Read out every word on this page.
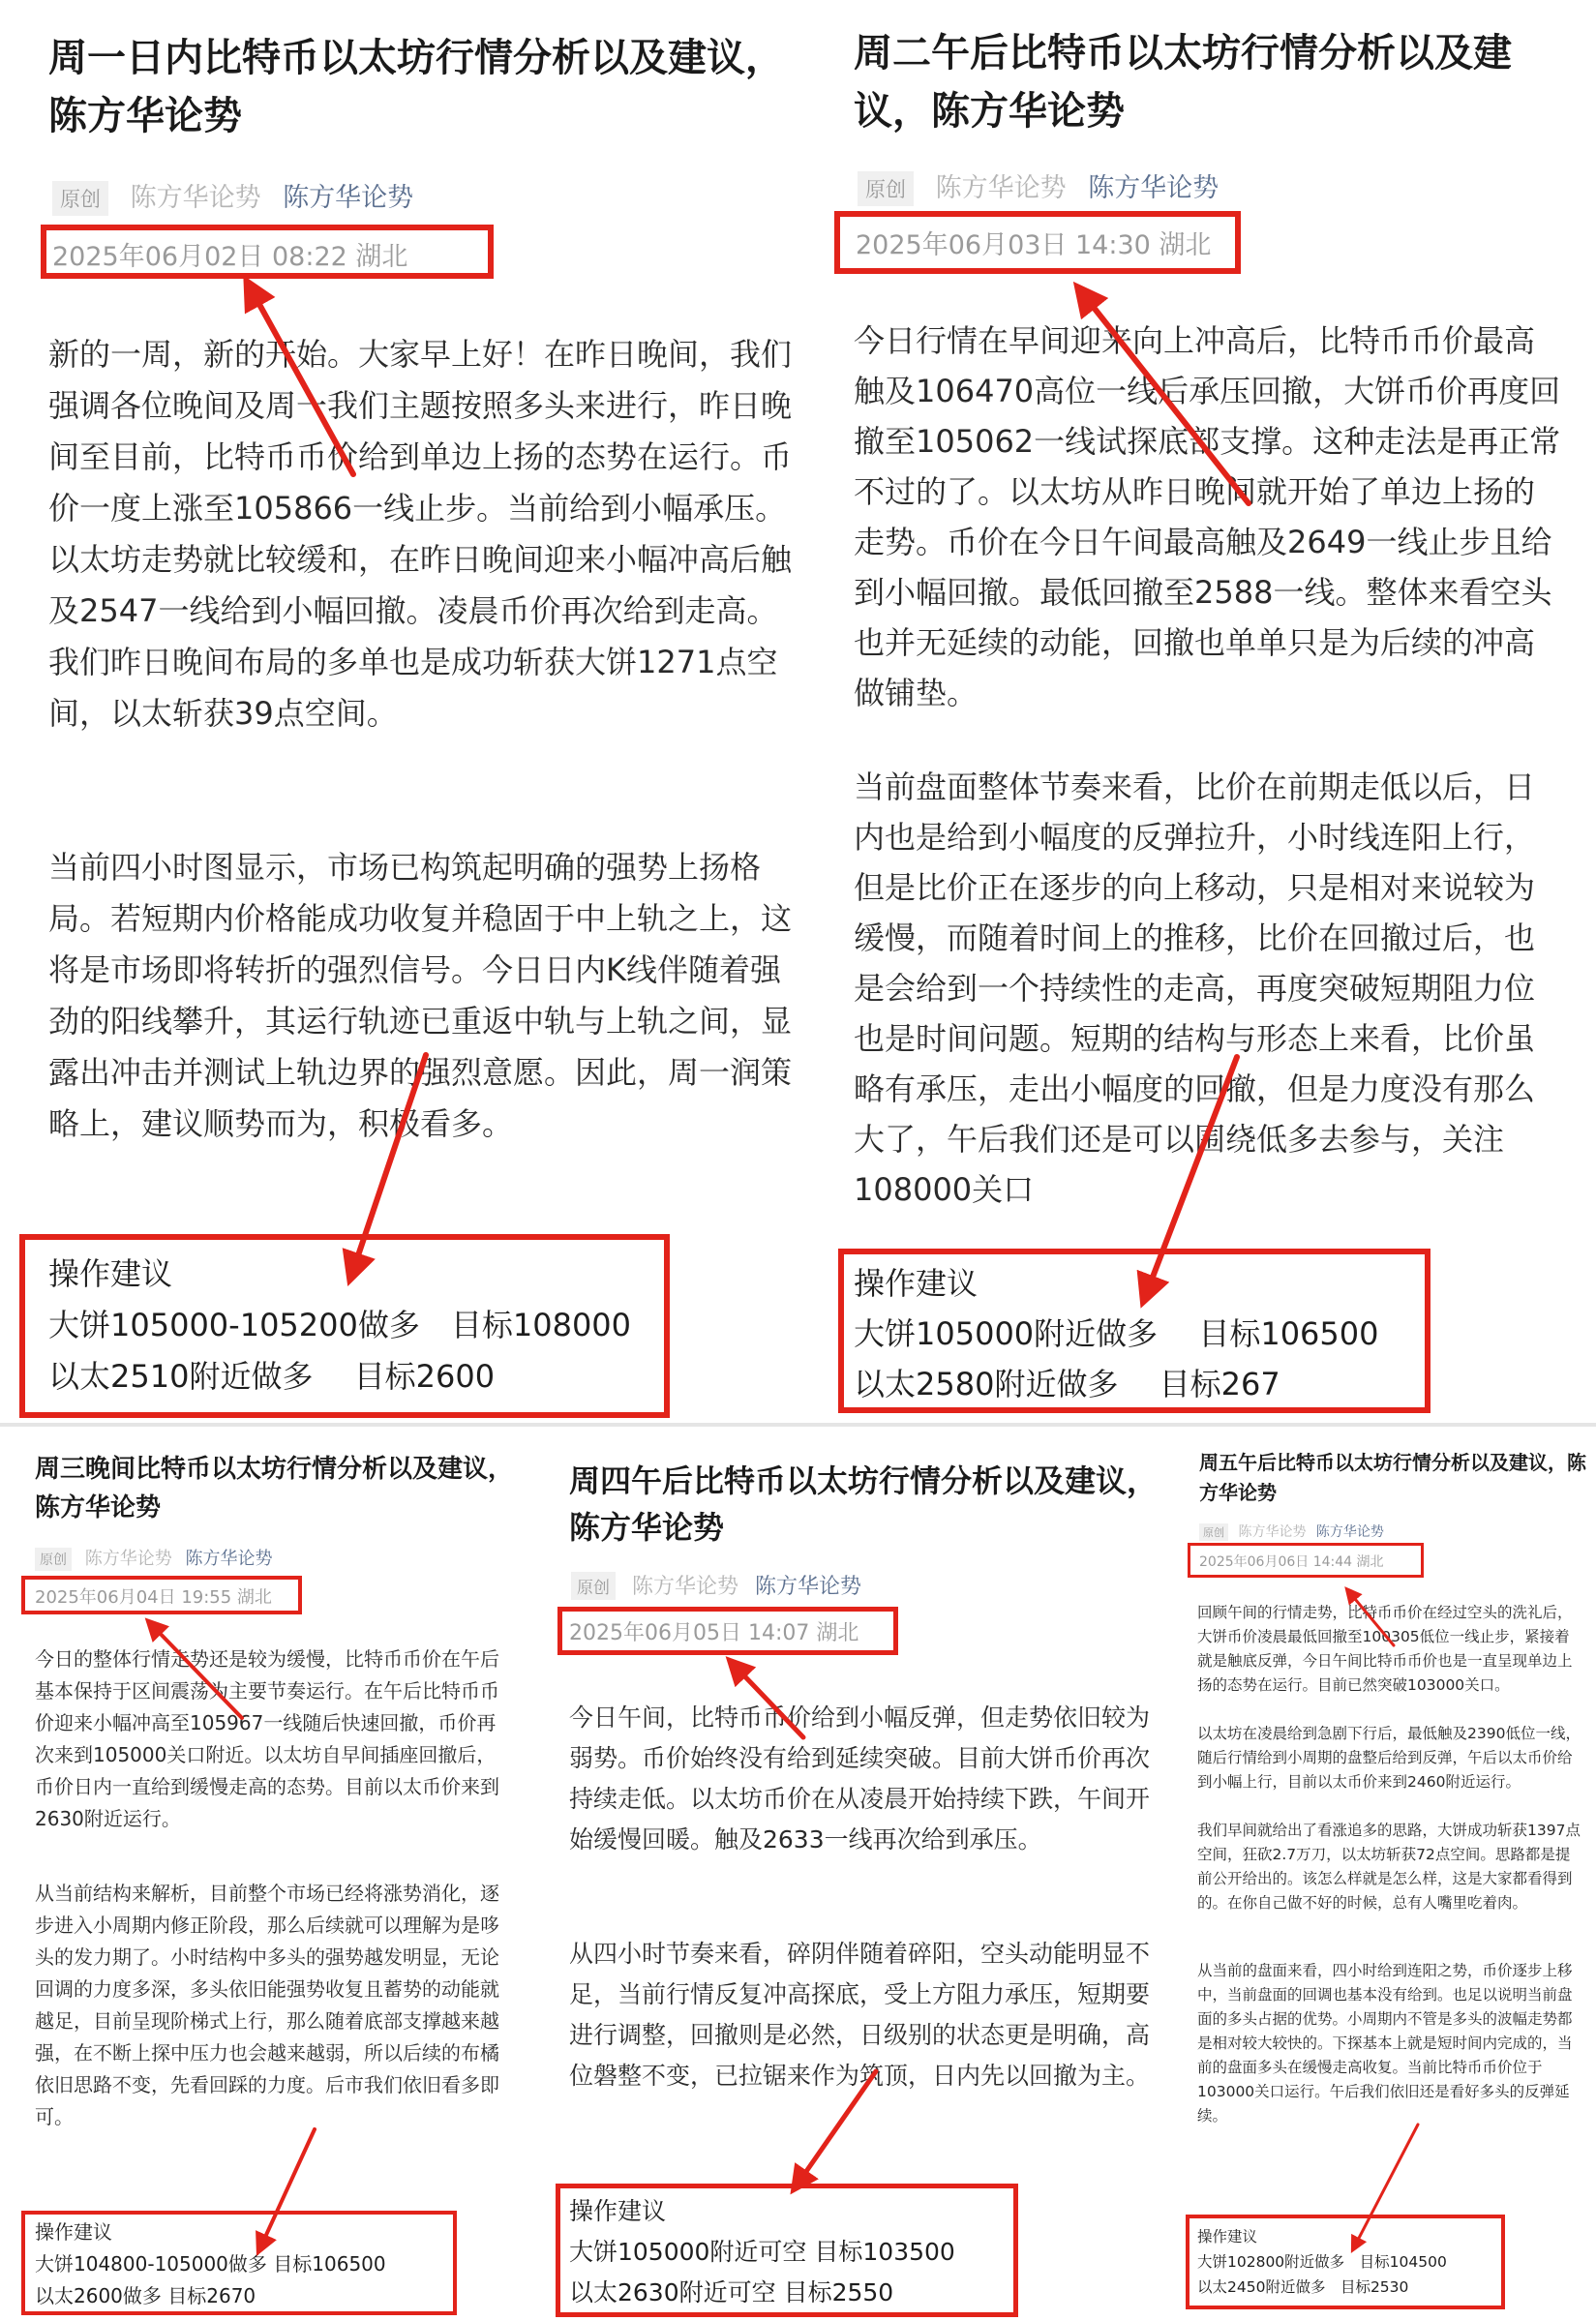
周一日内比特币以太坊行情分析以及建议，陈方华论势
原创 陈方华论势 陈方华论势
2025年06月02日 08:22 湖北
新的一周，新的开始。大家早上好！在昨日晚间，我们强调各位晚间及周一我们主题按照多头来进行，昨日晚间至目前，比特币币价给到单边上扬的态势在运行。币价一度上涨至105866一线止步。当前给到小幅承压。以太坊走势就比较缓和，在昨日晚间迎来小幅冲高后触及2547一线给到小幅回撤。凌晨币价再次给到走高。我们昨日晚间布局的多单也是成功斩获大饼1271点空间，以太斩获39点空间。
当前四小时图显示，市场已构筑起明确的强势上扬格局。若短期内价格能成功收复并稳固于中上轨之上，这将是市场即将转折的强烈信号。今日日内K线伴随着强劲的阳线攀升，其运行轨迹已重返中轨与上轨之间，显露出冲击并测试上轨边界的强烈意愿。因此，周一润策略上，建议顺势而为，积极看多。
操作建议
大饼105000-105200做多　目标108000
以太2510附近做多　 目标2600
周二午后比特币以太坊行情分析以及建议，陈方华论势
原创 陈方华论势 陈方华论势
2025年06月03日 14:30 湖北
今日行情在早间迎来向上冲高后，比特币币价最高触及106470高位一线后承压回撤，大饼币价再度回撤至105062一线试探底部支撑。这种走法是再正常不过的了。以太坊从昨日晚间就开始了单边上扬的走势。币价在今日午间最高触及2649一线止步且给到小幅回撤。最低回撤至2588一线。整体来看空头也并无延续的动能，回撤也单单只是为后续的冲高做铺垫。
当前盘面整体节奏来看，比价在前期走低以后，日内也是给到小幅度的反弹拉升，小时线连阳上行，但是比价正在逐步的向上移动，只是相对来说较为缓慢，而随着时间上的推移，比价在回撤过后，也是会给到一个持续性的走高，再度突破短期阻力位也是时间问题。短期的结构与形态上来看，比价虽略有承压，走出小幅度的回撤，但是力度没有那么大了，午后我们还是可以围绕低多去参与，关注108000关口
操作建议
大饼105000附近做多　 目标106500
以太2580附近做多　 目标267
周三晚间比特币以太坊行情分析以及建议，陈方华论势
原创 陈方华论势 陈方华论势
2025年06月04日 19:55 湖北
今日的整体行情走势还是较为缓慢，比特币币价在午后基本保持于区间震荡为主要节奏运行。在午后比特币币价迎来小幅冲高至105967一线随后快速回撤，币价再次来到105000关口附近。以太坊自早间插座回撤后，币价日内一直给到缓慢走高的态势。目前以太币价来到2630附近运行。
从当前结构来解析，目前整个市场已经将涨势消化，逐步进入小周期内修正阶段，那么后续就可以理解为是哆头的发力期了。小时结构中多头的强势越发明显，无论回调的力度多深，多头依旧能强势收复且蓄势的动能就越足，目前呈现阶梯式上行，那么随着底部支撑越来越强，在不断上探中压力也会越来越弱，所以后续的布橘依旧思路不变，先看回踩的力度。后市我们依旧看多即可。
操作建议
大饼104800-105000做多 目标106500
以太2600做多 目标2670
周四午后比特币以太坊行情分析以及建议，陈方华论势
原创 陈方华论势 陈方华论势
2025年06月05日 14:07 湖北
今日午间，比特币币价给到小幅反弹，但走势依旧较为弱势。币价始终没有给到延续突破。目前大饼币价再次持续走低。以太坊币价在从凌晨开始持续下跌，午间开始缓慢回暖。触及2633一线再次给到承压。
从四小时节奏来看，碎阴伴随着碎阳，空头动能明显不足，当前行情反复冲高探底，受上方阻力承压，短期要进行调整，回撤则是必然，日级别的状态更是明确，高位磐整不变，已拉锯来作为筑顶，日内先以回撤为主。
操作建议
大饼105000附近可空 目标103500
以太2630附近可空 目标2550
周五午后比特币以太坊行情分析以及建议，陈方华论势
原创 陈方华论势 陈方华论势
2025年06月06日 14:44 湖北
回顾午间的行情走势，比特币币价在经过空头的洗礼后，大饼币价凌晨最低回撤至100305低位一线止步，紧接着就是触底反弹，今日午间比特币币价也是一直呈现单边上扬的态势在运行。目前已然突破103000关口。
以太坊在凌晨给到急剧下行后，最低触及2390低位一线，随后行情给到小周期的盘整后给到反弹，午后以太币价给到小幅上行，目前以太币价来到2460附近运行。
我们早间就给出了看涨追多的思路，大饼成功斩获1397点空间，狂砍2.7万刀，以太坊斩获72点空间。思路都是提前公开给出的。该怎么样就是怎么样，这是大家都看得到的。在你自己做不好的时候，总有人嘴里吃着肉。
从当前的盘面来看，四小时给到连阳之势，币价逐步上移中，当前盘面的回调也基本没有给到。也足以说明当前盘面的多头占据的优势。小周期内不管是多头的波幅走势都是相对较大较快的。下探基本上就是短时间内完成的，当前的盘面多头在缓慢走高收复。当前比特币币价位于103000关口运行。午后我们依旧还是看好多头的反弹延续。
操作建议
大饼102800附近做多　目标104500
以太2450附近做多　目标2530
